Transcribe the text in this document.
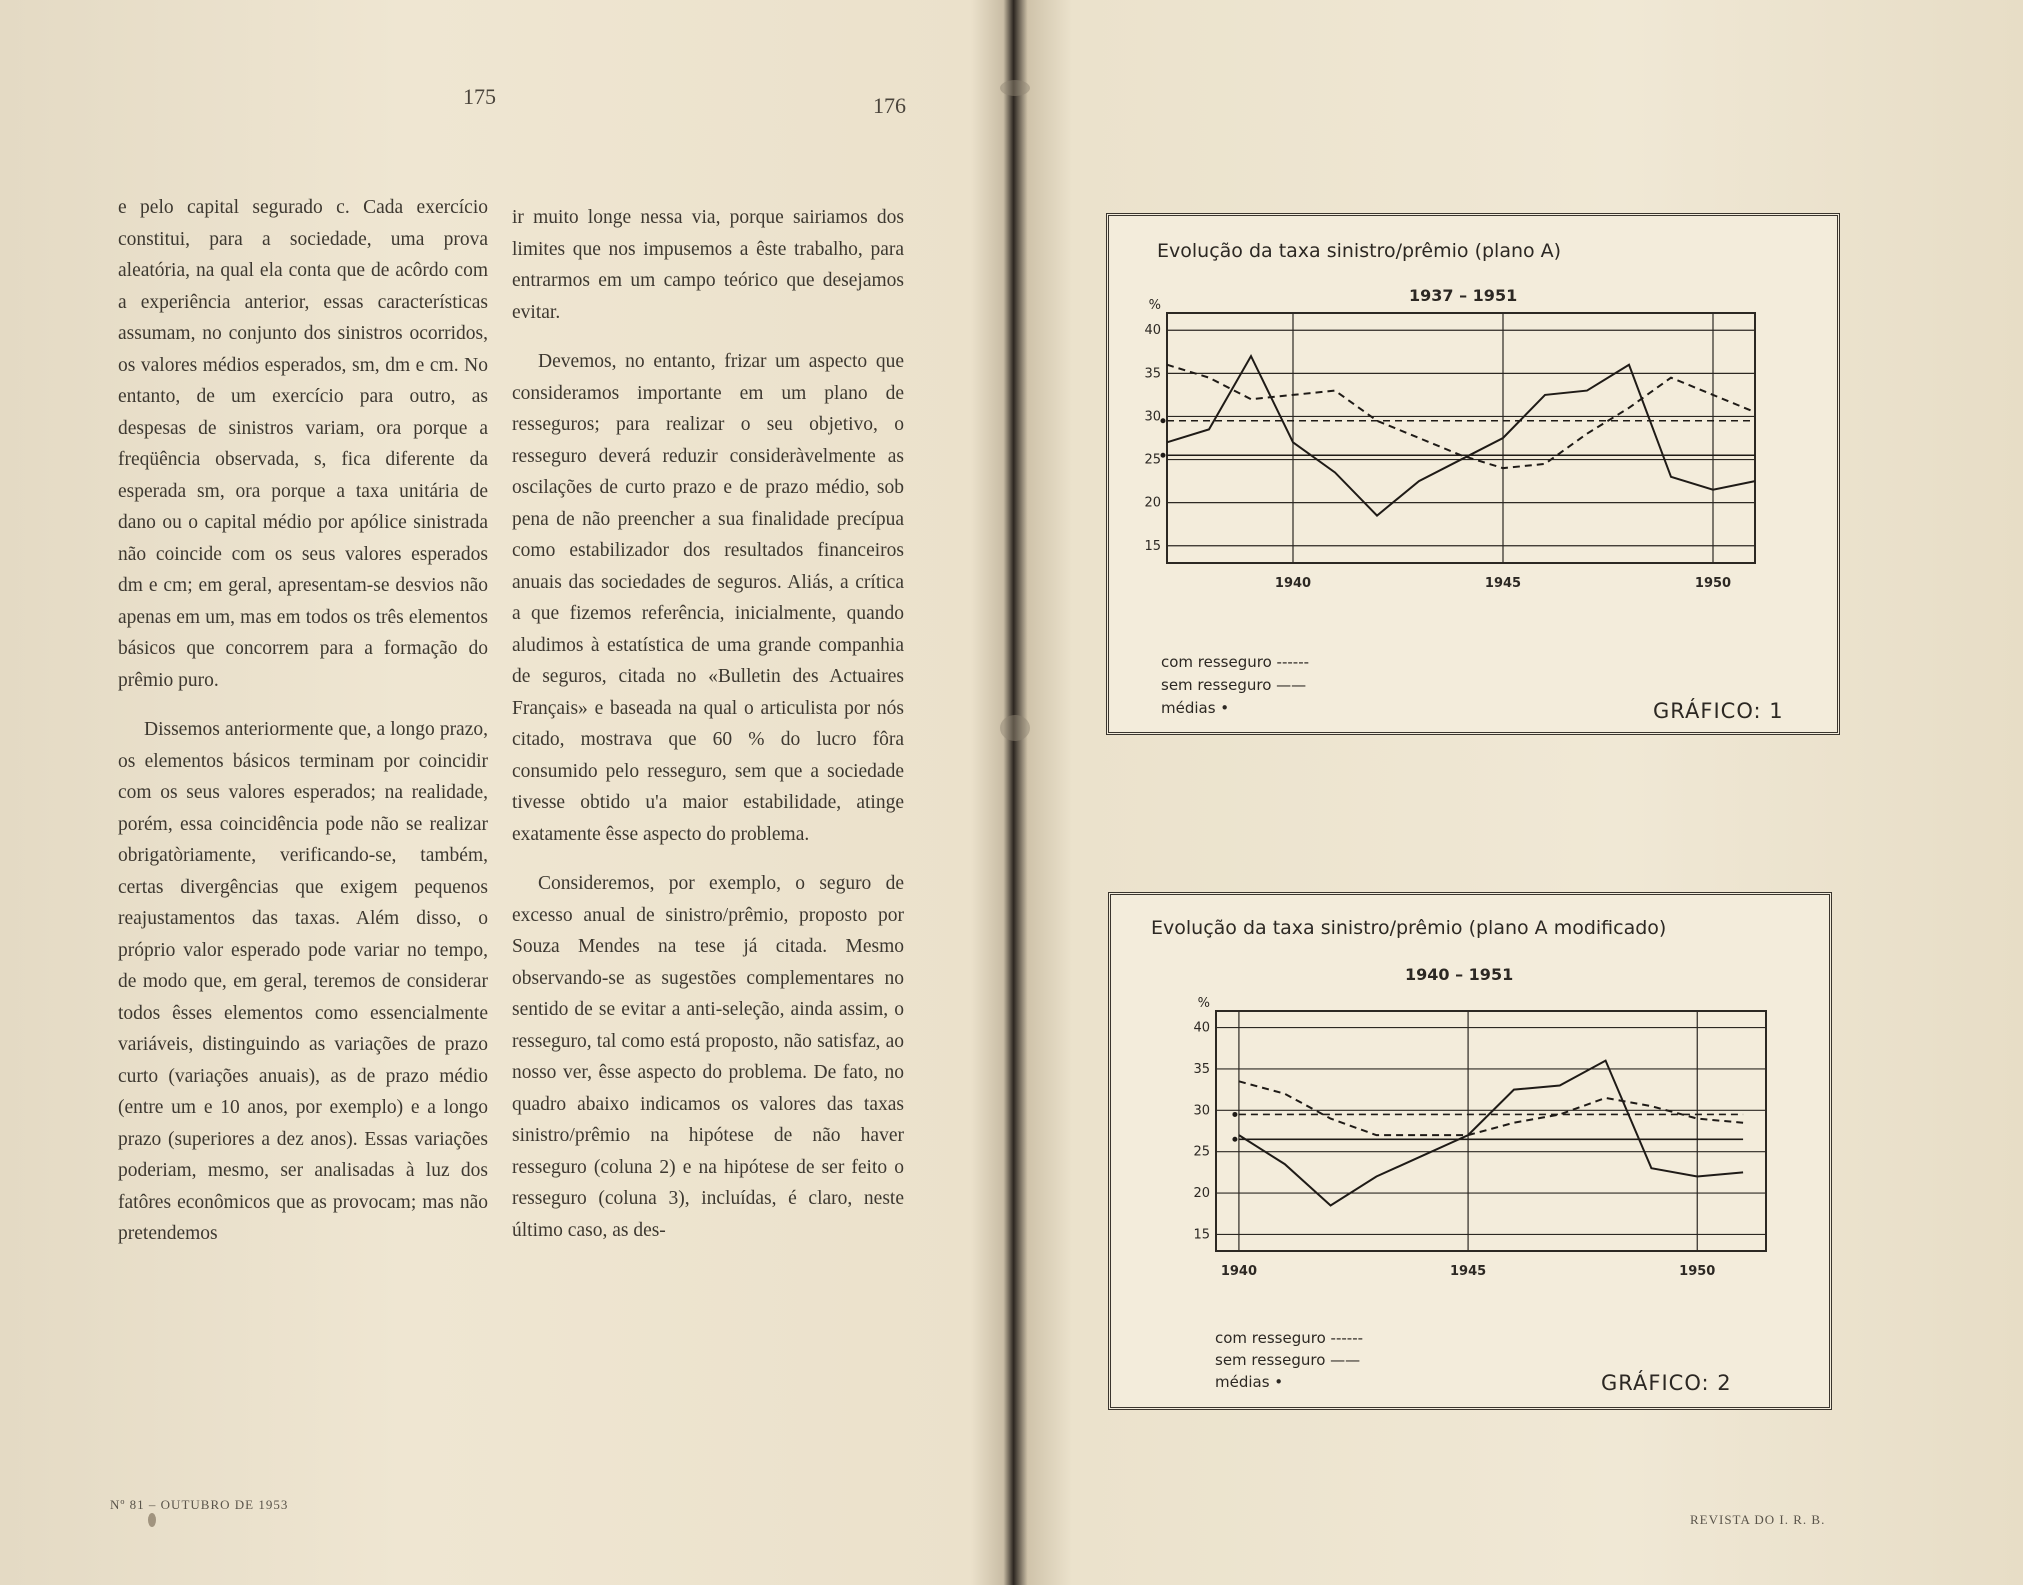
175	176

e pelo capital segurado c. Cada exercício constitui, para a sociedade, uma prova aleatória, na qual ela conta que de acôrdo com a experiência anterior, essas características assumam, no conjunto dos sinistros ocorridos, os valores médios esperados, sm, dm e cm. No entanto, de um exercício para outro, as despesas de sinistros variam, ora porque a freqüência observada, s, fica diferente da esperada sm, ora porque a taxa unitária de dano ou o capital médio por apólice sinistrada não coincide com os seus valores esperados dm e cm; em geral, apresentam-se desvios não apenas em um, mas em todos os três elementos básicos que concorrem para a formação do prêmio puro.

Dissemos anteriormente que, a longo prazo, os elementos básicos terminam por coincidir com os seus valores esperados; na realidade, porém, essa coincidência pode não se realizar obrigatòriamente, verificando-se, também, certas divergências que exigem pequenos reajustamentos das taxas. Além disso, o próprio valor esperado pode variar no tempo, de modo que, em geral, teremos de considerar todos êsses elementos como essencialmente variáveis, distinguindo as variações de prazo curto (variações anuais), as de prazo médio (entre um e 10 anos, por exemplo) e a longo prazo (superiores a dez anos). Essas variações poderiam, mesmo, ser analisadas à luz dos fatôres econômicos que as provocam; mas não pretendemos

ir muito longe nessa via, porque sairiamos dos limites que nos impusemos a êste trabalho, para entrarmos em um campo teórico que desejamos evitar.

Devemos, no entanto, frizar um aspecto que consideramos importante em um plano de resseguros; para realizar o seu objetivo, o resseguro deverá reduzir consideràvelmente as oscilações de curto prazo e de prazo médio, sob pena de não preencher a sua finalidade precípua como estabilizador dos resultados financeiros anuais das sociedades de seguros. Aliás, a crítica a que fizemos referência, inicialmente, quando aludimos à estatística de uma grande companhia de seguros, citada no «Bulletin des Actuaires Français» e baseada na qual o articulista por nós citado, mostrava que 60 % do lucro fôra consumido pelo resseguro, sem que a sociedade tivesse obtido u'a maior estabilidade, atinge exatamente êsse aspecto do problema.

Consideremos, por exemplo, o seguro de excesso anual de sinistro/prêmio, proposto por Souza Mendes na tese já citada. Mesmo observando-se as sugestões complementares no sentido de se evitar a anti-seleção, ainda assim, o resseguro, tal como está proposto, não satisfaz, ao nosso ver, êsse aspecto do problema. De fato, no quadro abaixo indicamos os valores das taxas sinistro/prêmio na hipótese de não haver resseguro (coluna 2) e na hipótese de ser feito o resseguro (coluna 3), incluídas, é claro, neste último caso, as des-

Nº 81 – OUTUBRO DE 1953
Evolução da taxa sinistro/prêmio (plano A)
1937 – 1951
40
35
30
25
20
15
%
1940	1945	1950
com resseguro ------
sem resseguro ——
médias •	GRÁFICO: 1
Evolução da taxa sinistro/prêmio (plano A modificado)
1940 – 1951
40
35
30
25
20
15
%
1940	1945	1950
com resseguro ------
sem resseguro ——
médias •	GRÁFICO: 2
REVISTA DO I. R. B.
